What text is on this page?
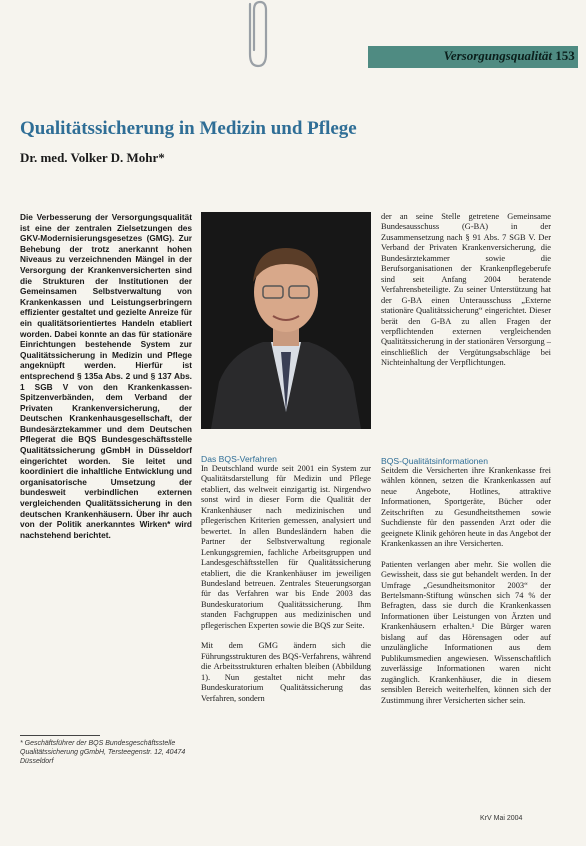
Versorgungsqualität 153
Qualitätssicherung in Medizin und Pflege
Dr. med. Volker D. Mohr*

Die Verbesserung der Versorgungsqualität ist eine der zentralen Zielsetzungen des GKV-Modernisierungsgesetzes (GMG). Zur Behebung der trotz anerkannt hohen Niveaus zu verzeichnenden Mängel in der Versorgung der Krankenversicherten sind die Strukturen der Institutionen der Gemeinsamen Selbstverwaltung von Krankenkassen und Leistungserbringern effizienter gestaltet und gezielte Anreize für ein qualitätsorientiertes Handeln etabliert worden. Dabei konnte an das für stationäre Einrichtungen bestehende System zur Qualitätssicherung in Medizin und Pflege angeknüpft werden. Hierfür ist entsprechend § 135a Abs. 2 und § 137 Abs. 1 SGB V von den Krankenkassen-Spitzenverbänden, dem Verband der Privaten Krankenversicherung, der Deutschen Krankenhausgesellschaft, der Bundesärztekammer und dem Deutschen Pflegerat die BQS Bundesgeschäftsstelle Qualitätssicherung gGmbH in Düsseldorf eingerichtet worden. Sie leitet und koordiniert die inhaltliche Entwicklung und organisatorische Umsetzung der bundesweit verbindlichen externen vergleichenden Qualitätssicherung in den deutschen Krankenhäusern. Über ihr auch von der Politik anerkanntes Wirken* wird nachstehend berichtet.

Das BQS-Verfahren

In Deutschland wurde seit 2001 ein System zur Qualitätsdarstellung für Medizin und Pflege etabliert, das weltweit einzigartig ist. Nirgendwo sonst wird in dieser Form die Qualität der Krankenhäuser nach medizinischen und pflegerischen Kriterien gemessen, analysiert und bewertet. In allen Bundesländern haben die Partner der Selbstverwaltung regionale Lenkungsgremien, fachliche Arbeitsgruppen und Landesgeschäftsstellen für Qualitätssicherung etabliert, die die Krankenhäuser im jeweiligen Bundesland betreuen. Zentrales Steuerungsorgan für das Verfahren war bis Ende 2003 das Bundeskuratorium Qualitätssicherung. Ihm standen Fachgruppen aus medizinischen und pflegerischen Experten sowie die BQS zur Seite.

Mit dem GMG ändern sich die Führungsstrukturen des BQS-Verfahrens, während die Arbeitsstrukturen erhalten bleiben (Abbildung 1). Nun gestaltet nicht mehr das Bundeskuratorium Qualitätssicherung das Verfahren, sondern

der an seine Stelle getretene Gemeinsame Bundesausschuss (G-BA) in der Zusammensetzung nach § 91 Abs. 7 SGB V. Der Verband der Privaten Krankenversicherung, die Bundesärztekammer sowie die Berufsorganisationen der Krankenpflegeberufe sind seit Anfang 2004 beratende Verfahrensbeteiligte. Zu seiner Unterstützung hat der G-BA einen Unterausschuss „Externe stationäre Qualitätssicherung“ eingerichtet. Dieser berät den G-BA zu allen Fragen der verpflichtenden externen vergleichenden Qualitätssicherung in der stationären Versorgung – einschließlich der Vergütungsabschläge bei Nichteinhaltung der Verpflichtungen.

BQS-Qualitätsinformationen

Seitdem die Versicherten ihre Krankenkasse frei wählen können, setzen die Krankenkassen auf neue Angebote, Hotlines, attraktive Informationen, Sportgeräte, Bücher oder Zeitschriften zu Gesundheitsthemen sowie Suchdienste für den passenden Arzt oder die geeignete Klinik gehören heute in das Angebot der Krankenkassen an ihre Versicherten.

Patienten verlangen aber mehr. Sie wollen die Gewissheit, dass sie gut behandelt werden. In der Umfrage „Gesundheitsmonitor 2003“ der Bertelsmann-Stiftung wünschen sich 74 % der Befragten, dass sie durch die Krankenkassen Informationen über Leistungen von Ärzten und Krankenhäusern erhalten.¹ Die Bürger waren bislang auf das Hörensagen oder auf unzulängliche Informationen aus dem Publikumsmedien angewiesen. Wissenschaftlich zuverlässige Informationen waren nicht zugänglich. Krankenhäuser, die in diesem sensiblen Bereich weiterhelfen, können sich der Zustimmung ihrer Versicherten sicher sein.

* Geschäftsführer der BQS Bundesgeschäftsstelle Qualitätssicherung gGmbH, Tersteegenstr. 12, 40474 Düsseldorf
KrV Mai 2004
